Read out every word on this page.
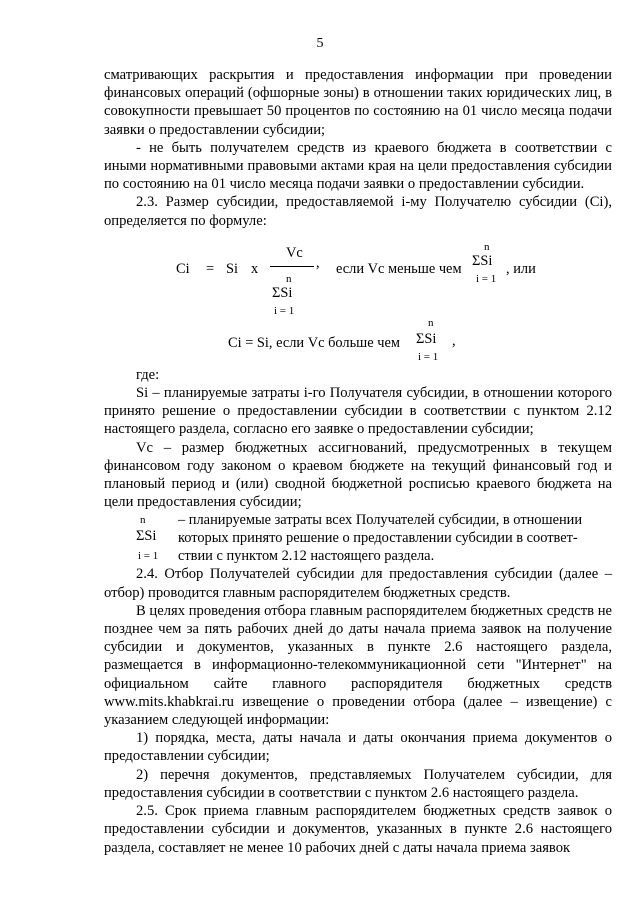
5

сматривающих раскрытия и предоставления информации при проведении финансовых операций (офшорные зоны) в отношении таких юридических лиц, в совокупности превышает 50 процентов по состоянию на 01 число месяца подачи заявки о предоставлении субсидии;

- не быть получателем средств из краевого бюджета в соответствии с иными нормативными правовыми актами края на цели предоставления субсидии по состоянию на 01 число месяца подачи заявки о предоставлении субсидии.

2.3. Размер субсидии, предоставляемой i-му Получателю субсидии (Ci), определяется по формуле:

Ci = Si x
Vc
n
ΣSi
i = 1
, если Vc меньше чем
n
ΣSi
i = 1
, или
Ci = Si, если Vc больше чем
n
ΣSi
i = 1
,

где:

Si – планируемые затраты i-го Получателя субсидии, в отношении которого принято решение о предоставлении субсидии в соответствии с пунктом 2.12 настоящего раздела, согласно его заявке о предоставлении субсидии;

Vc – размер бюджетных ассигнований, предусмотренных в текущем финансовом году законом о краевом бюджете на текущий финансовый год и плановый период и (или) сводной бюджетной росписью краевого бюджета на цели предоставления субсидии;

n
ΣSi
i = 1
– планируемые затраты всех Получателей субсидии, в отношении
которых принято решение о предоставлении субсидии в соответ-
ствии с пунктом 2.12 настоящего раздела.

2.4. Отбор Получателей субсидии для предоставления субсидии (далее – отбор) проводится главным распорядителем бюджетных средств.

В целях проведения отбора главным распорядителем бюджетных средств не позднее чем за пять рабочих дней до даты начала приема заявок на получение субсидии и документов, указанных в пункте 2.6 настоящего раздела, размещается в информационно-телекоммуникационной сети "Интернет" на официальном сайте главного распорядителя бюджетных средств www.mits.khabkrai.ru извещение о проведении отбора (далее – извещение) с указанием следующей информации:

1) порядка, места, даты начала и даты окончания приема документов о предоставлении субсидии;

2) перечня документов, представляемых Получателем субсидии, для предоставления субсидии в соответствии с пунктом 2.6 настоящего раздела.

2.5. Срок приема главным распорядителем бюджетных средств заявок о предоставлении субсидии и документов, указанных в пункте 2.6 настоящего раздела, составляет не менее 10 рабочих дней с даты начала приема заявок
